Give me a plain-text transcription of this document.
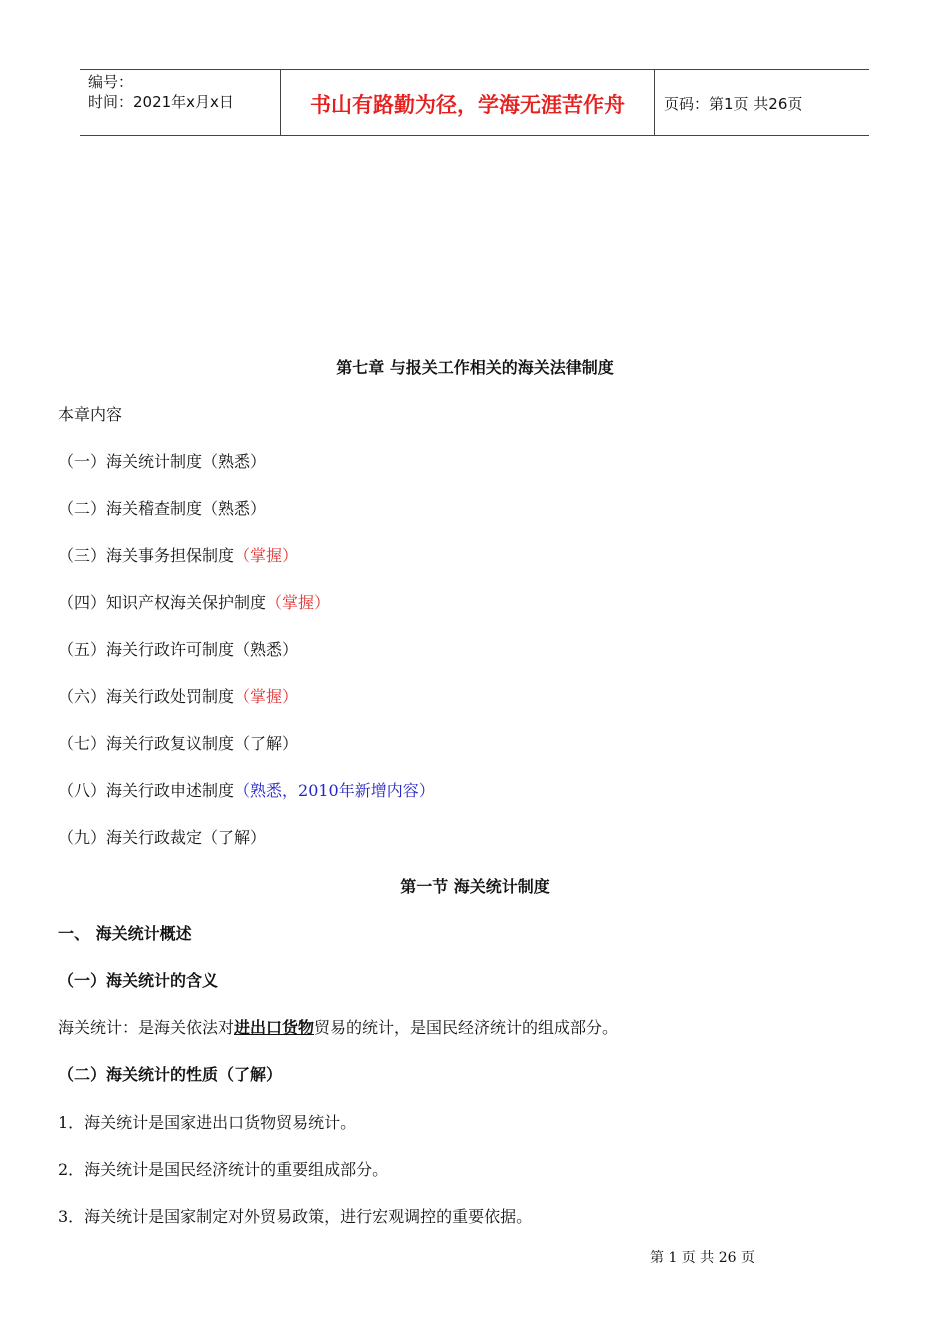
编号：
时间：2021年x月x日	书山有路勤为径，学海无涯苦作舟	页码：第1页 共26页
第七章 与报关工作相关的海关法律制度
本章内容
（一）海关统计制度（熟悉）
（二）海关稽查制度（熟悉）
（三）海关事务担保制度（掌握）
（四）知识产权海关保护制度（掌握）
（五）海关行政许可制度（熟悉）
（六）海关行政处罚制度（掌握）
（七）海关行政复议制度（了解）
（八）海关行政申述制度（熟悉，2010年新增内容）
（九）海关行政裁定（了解）
第一节 海关统计制度
一、 海关统计概述
（一）海关统计的含义
海关统计：是海关依法对进出口货物贸易的统计，是国民经济统计的组成部分。
（二）海关统计的性质（了解）
1．海关统计是国家进出口货物贸易统计。
2．海关统计是国民经济统计的重要组成部分。
3．海关统计是国家制定对外贸易政策，进行宏观调控的重要依据。
第 1 页 共 26 页
